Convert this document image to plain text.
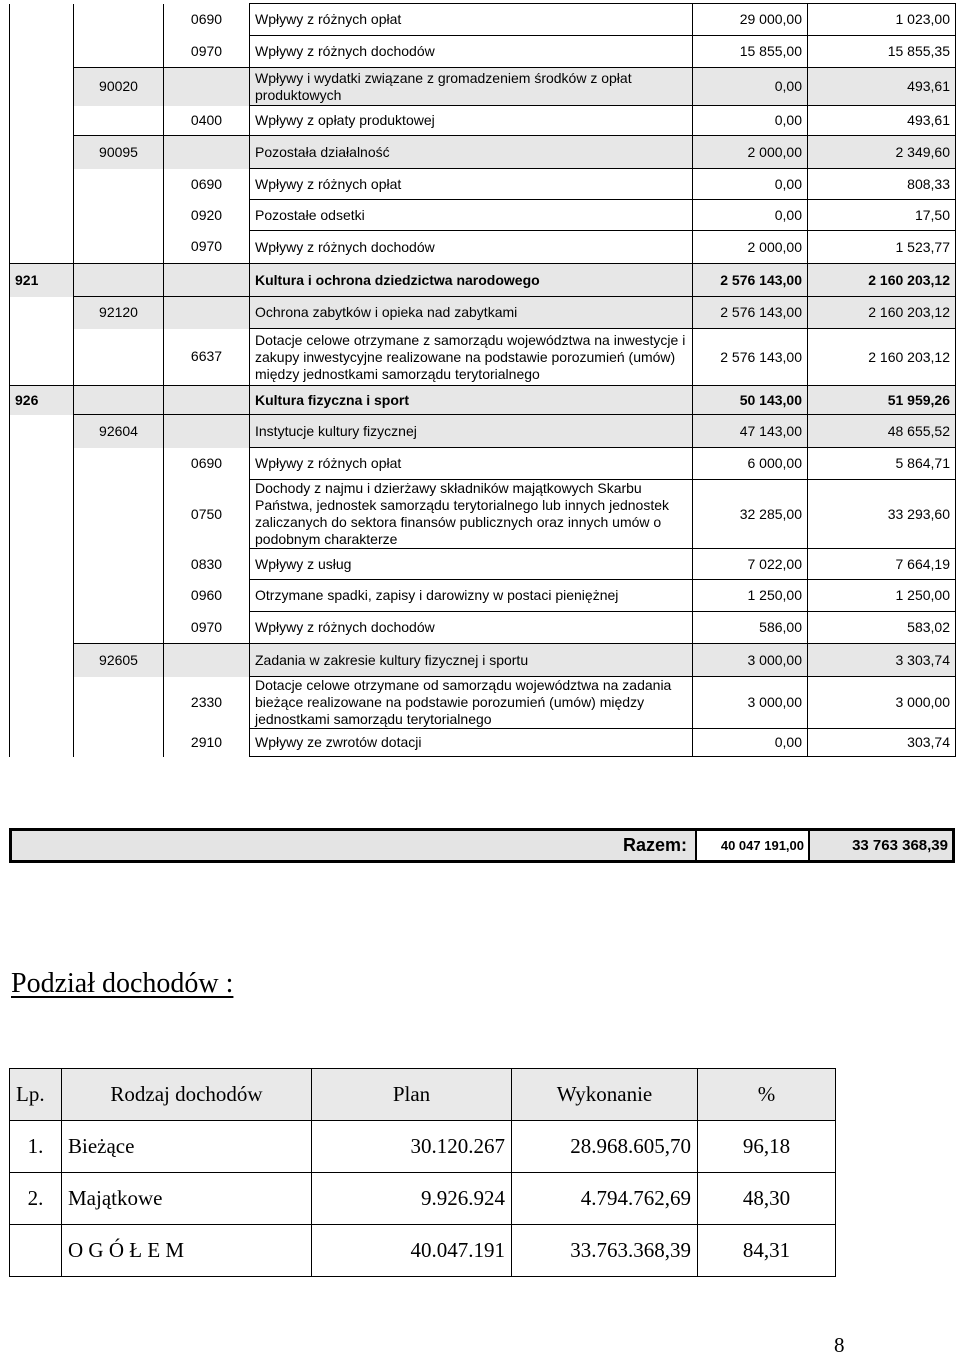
		0690	Wpływy z różnych opłat	29 000,00	1 023,00
		0970	Wpływy z różnych dochodów	15 855,00	15 855,35
	90020		Wpływy i wydatki związane z gromadzeniem środków z opłat produktowych	0,00	493,61
		0400	Wpływy z opłaty produktowej	0,00	493,61
	90095		Pozostała działalność	2 000,00	2 349,60
		0690	Wpływy z różnych opłat	0,00	808,33
		0920	Pozostałe odsetki	0,00	17,50
		0970	Wpływy z różnych dochodów	2 000,00	1 523,77
921			Kultura i ochrona dziedzictwa narodowego	2 576 143,00	2 160 203,12
	92120		Ochrona zabytków i opieka nad zabytkami	2 576 143,00	2 160 203,12
		6637	Dotacje celowe otrzymane z samorządu województwa na inwestycje i zakupy inwestycyjne realizowane na podstawie porozumień (umów) między jednostkami samorządu terytorialnego	2 576 143,00	2 160 203,12
926			Kultura fizyczna i sport	50 143,00	51 959,26
	92604		Instytucje kultury fizycznej	47 143,00	48 655,52
		0690	Wpływy z różnych opłat	6 000,00	5 864,71
		0750	Dochody z najmu i dzierżawy składników majątkowych Skarbu Państwa, jednostek samorządu terytorialnego lub innych jednostek zaliczanych do sektora finansów publicznych oraz innych umów o podobnym charakterze	32 285,00	33 293,60
		0830	Wpływy z usług	7 022,00	7 664,19
		0960	Otrzymane spadki, zapisy i darowizny w postaci pieniężnej	1 250,00	1 250,00
		0970	Wpływy z różnych dochodów	586,00	583,02
	92605		Zadania w zakresie kultury fizycznej i sportu	3 000,00	3 303,74
		2330	Dotacje celowe otrzymane od samorządu województwa na zadania bieżące realizowane na podstawie porozumień (umów) między jednostkami samorządu terytorialnego	3 000,00	3 000,00
		2910	Wpływy ze zwrotów dotacji	0,00	303,74
Razem:	40 047 191,00	33 763 368,39
Podział dochodów :
Lp.	Rodzaj dochodów	Plan	Wykonanie	%
1.	Bieżące	30.120.267	28.968.605,70	96,18
2.	Majątkowe	9.926.924	4.794.762,69	48,30
	O G Ó Ł E M	40.047.191	33.763.368,39	84,31
8
